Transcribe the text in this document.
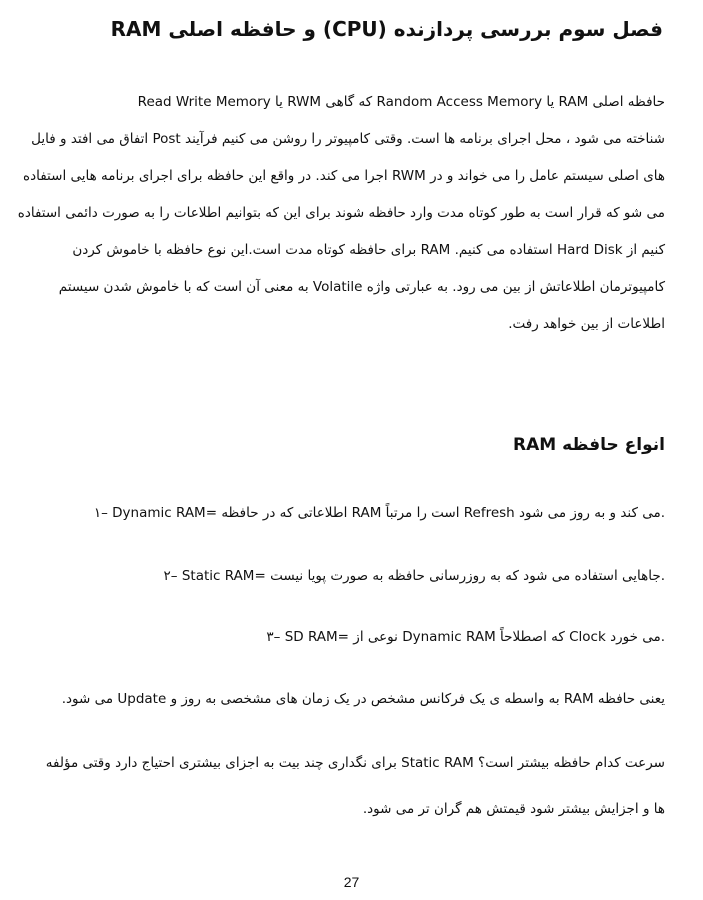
فصل سوم بررسی پردازنده (CPU) و حافظه اصلی RAM
حافظه اصلی RAM یا Random Access Memory که گاهی RWM یا Read Write Memory
شناخته می شود ، محل اجرای برنامه ها است. وقتی کامپیوتر را روشن می کنیم فرآیند Post اتفاق می افتد و فایل
های اصلی سیستم عامل را می خواند و در RWM اجرا می کند. در واقع این حافظه برای اجرای برنامه هایی استفاده
می شو که قرار است به طور کوتاه مدت وارد حافظه شوند برای این که بتوانیم اطلاعات را به صورت دائمی استفاده
کنیم از Hard Disk استفاده می کنیم. RAM برای حافظه کوتاه مدت است.این نوع حافظه با خاموش کردن
کامپیوترمان اطلاعاتش از بین می رود. به عبارتی واژه Volatile به معنی آن است که با خاموش شدن سیستم
اطلاعات از بین خواهد رفت.
انواع حافظه RAM
۱– Dynamic RAM= اطلاعاتی که در حافظه RAM است را مرتباً Refresh می کند و به روز می شود.
۲– Static RAM= جاهایی استفاده می شود که به روزرسانی حافظه به صورت پویا نیست.
۳– SD RAM= نوعی از Dynamic RAM که اصطلاحاً Clock می خورد.
یعنی حافظه RAM به واسطه ی یک فرکانس مشخص در یک زمان های مشخصی به روز و Update می شود.
سرعت کدام حافظه بیشتر است؟ Static RAM برای نگداری چند بیت به اجزای بیشتری احتیاج دارد وقتی مؤلفه
ها و اجزایش بیشتر شود قیمتش هم گران تر می شود.
27
